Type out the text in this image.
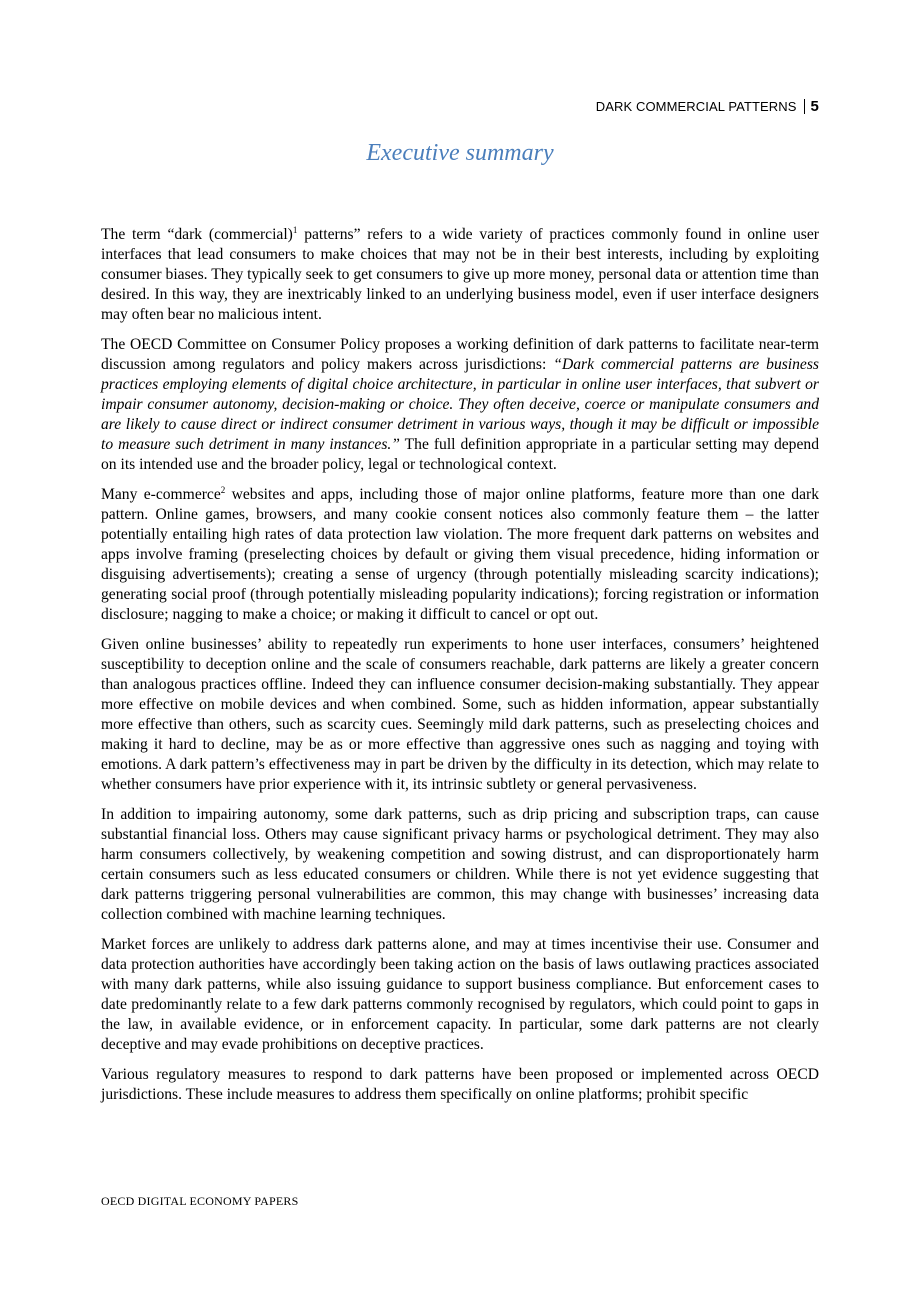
DARK COMMERCIAL PATTERNS 5
Executive summary

The term “dark (commercial)$^1$ patterns” refers to a wide variety of practices commonly found in online user interfaces that lead consumers to make choices that may not be in their best interests, including by exploiting consumer biases. They typically seek to get consumers to give up more money, personal data or attention time than desired. In this way, they are inextricably linked to an underlying business model, even if user interface designers may often bear no malicious intent.

The OECD Committee on Consumer Policy proposes a working definition of dark patterns to facilitate near-term discussion among regulators and policy makers across jurisdictions: “Dark commercial patterns are business practices employing elements of digital choice architecture, in particular in online user interfaces, that subvert or impair consumer autonomy, decision-making or choice. They often deceive, coerce or manipulate consumers and are likely to cause direct or indirect consumer detriment in various ways, though it may be difficult or impossible to measure such detriment in many instances.” The full definition appropriate in a particular setting may depend on its intended use and the broader policy, legal or technological context.

Many e-commerce$^2$ websites and apps, including those of major online platforms, feature more than one dark pattern. Online games, browsers, and many cookie consent notices also commonly feature them – the latter potentially entailing high rates of data protection law violation. The more frequent dark patterns on websites and apps involve framing (preselecting choices by default or giving them visual precedence, hiding information or disguising advertisements); creating a sense of urgency (through potentially misleading scarcity indications); generating social proof (through potentially misleading popularity indications); forcing registration or information disclosure; nagging to make a choice; or making it difficult to cancel or opt out.

Given online businesses’ ability to repeatedly run experiments to hone user interfaces, consumers’ heightened susceptibility to deception online and the scale of consumers reachable, dark patterns are likely a greater concern than analogous practices offline. Indeed they can influence consumer decision-making substantially. They appear more effective on mobile devices and when combined. Some, such as hidden information, appear substantially more effective than others, such as scarcity cues. Seemingly mild dark patterns, such as preselecting choices and making it hard to decline, may be as or more effective than aggressive ones such as nagging and toying with emotions. A dark pattern’s effectiveness may in part be driven by the difficulty in its detection, which may relate to whether consumers have prior experience with it, its intrinsic subtlety or general pervasiveness.

In addition to impairing autonomy, some dark patterns, such as drip pricing and subscription traps, can cause substantial financial loss. Others may cause significant privacy harms or psychological detriment. They may also harm consumers collectively, by weakening competition and sowing distrust, and can disproportionately harm certain consumers such as less educated consumers or children. While there is not yet evidence suggesting that dark patterns triggering personal vulnerabilities are common, this may change with businesses’ increasing data collection combined with machine learning techniques.

Market forces are unlikely to address dark patterns alone, and may at times incentivise their use. Consumer and data protection authorities have accordingly been taking action on the basis of laws outlawing practices associated with many dark patterns, while also issuing guidance to support business compliance. But enforcement cases to date predominantly relate to a few dark patterns commonly recognised by regulators, which could point to gaps in the law, in available evidence, or in enforcement capacity. In particular, some dark patterns are not clearly deceptive and may evade prohibitions on deceptive practices.

Various regulatory measures to respond to dark patterns have been proposed or implemented across OECD jurisdictions. These include measures to address them specifically on online platforms; prohibit specific

OECD DIGITAL ECONOMY PAPERS
